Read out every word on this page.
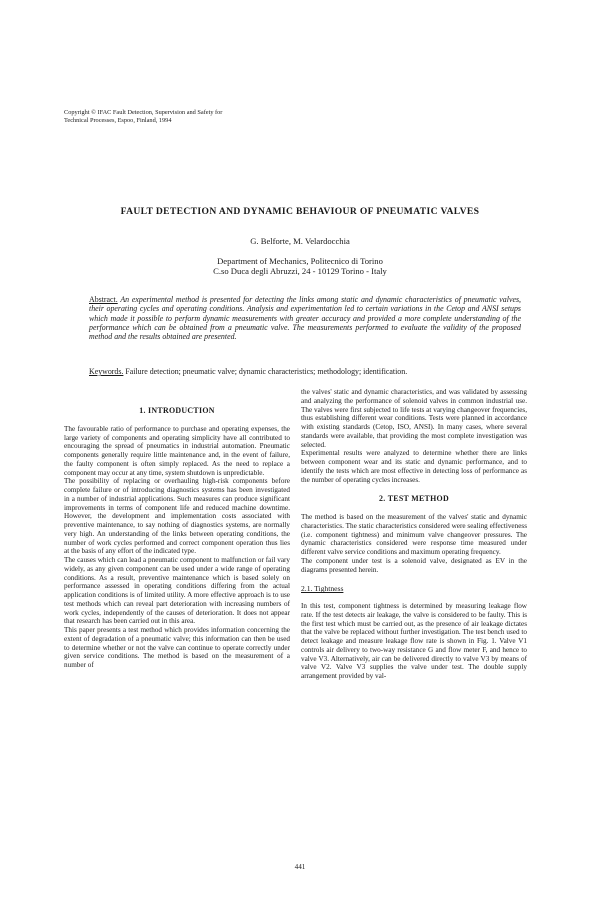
Copyright © IFAC Fault Detection, Supervision and Safety for
Technical Processes, Espoo, Finland, 1994
FAULT DETECTION AND DYNAMIC BEHAVIOUR OF PNEUMATIC VALVES
G. Belforte, M. Velardocchia
Department of Mechanics, Politecnico di Torino
C.so Duca degli Abruzzi, 24 - 10129 Torino - Italy
Abstract. An experimental method is presented for detecting the links among static and dynamic characteristics of pneumatic valves, their operating cycles and operating conditions. Analysis and experimentation led to certain variations in the Cetop and ANSI setups which made it possible to perform dynamic measurements with greater accuracy and provided a more complete understanding of the performance which can be obtained from a pneumatic valve. The measurements performed to evaluate the validity of the proposed method and the results obtained are presented.
Keywords. Failure detection; pneumatic valve; dynamic characteristics; methodology; identification.
1. INTRODUCTION

The favourable ratio of performance to purchase and operating expenses, the large variety of components and operating simplicity have all contributed to encouraging the spread of pneumatics in industrial automation. Pneumatic components generally require little maintenance and, in the event of failure, the faulty component is often simply replaced. As the need to replace a component may occur at any time, system shutdown is unpredictable.

The possibility of replacing or overhauling high-risk components before complete failure or of introducing diagnostics systems has been investigated in a number of industrial applications. Such measures can produce significant improvements in terms of component life and reduced machine downtime. However, the development and implementation costs associated with preventive maintenance, to say nothing of diagnostics systems, are normally very high. An understanding of the links between operating conditions, the number of work cycles performed and correct component operation thus lies at the basis of any effort of the indicated type.

The causes which can lead a pneumatic component to malfunction or fail vary widely, as any given component can be used under a wide range of operating conditions. As a result, preventive maintenance which is based solely on performance assessed in operating conditions differing from the actual application conditions is of limited utility. A more effective approach is to use test methods which can reveal part deterioration with increasing numbers of work cycles, independently of the causes of deterioration. It does not appear that research has been carried out in this area.

This paper presents a test method which provides information concerning the extent of degradation of a pneumatic valve; this information can then be used to determine whether or not the valve can continue to operate correctly under given service conditions. The method is based on the measurement of a number of

the valves' static and dynamic characteristics, and was validated by assessing and analyzing the performance of solenoid valves in common industrial use. The valves were first subjected to life tests at varying changeover frequencies, thus establishing different wear conditions. Tests were planned in accordance with existing standards (Cetop, ISO, ANSI). In many cases, where several standards were available, that providing the most complete investigation was selected.

Experimental results were analyzed to determine whether there are links between component wear and its static and dynamic performance, and to identify the tests which are most effective in detecting loss of performance as the number of operating cycles increases.

2. TEST METHOD

The method is based on the measurement of the valves' static and dynamic characteristics. The static characteristics considered were sealing effectiveness (i.e. component tightness) and minimum valve changeover pressures. The dynamic characteristics considered were response time measured under different valve service conditions and maximum operating frequency.

The component under test is a solenoid valve, designated as EV in the diagrams presented herein.

2.1. Tightness

In this test, component tightness is determined by measuring leakage flow rate. If the test detects air leakage, the valve is considered to be faulty. This is the first test which must be carried out, as the presence of air leakage dictates that the valve be replaced without further investigation. The test bench used to detect leakage and measure leakage flow rate is shown in Fig. 1. Valve V1 controls air delivery to two-way resistance G and flow meter F, and hence to valve V3. Alternatively, air can be delivered directly to valve V3 by means of valve V2. Valve V3 supplies the valve under test. The double supply arrangement provided by val-

441
